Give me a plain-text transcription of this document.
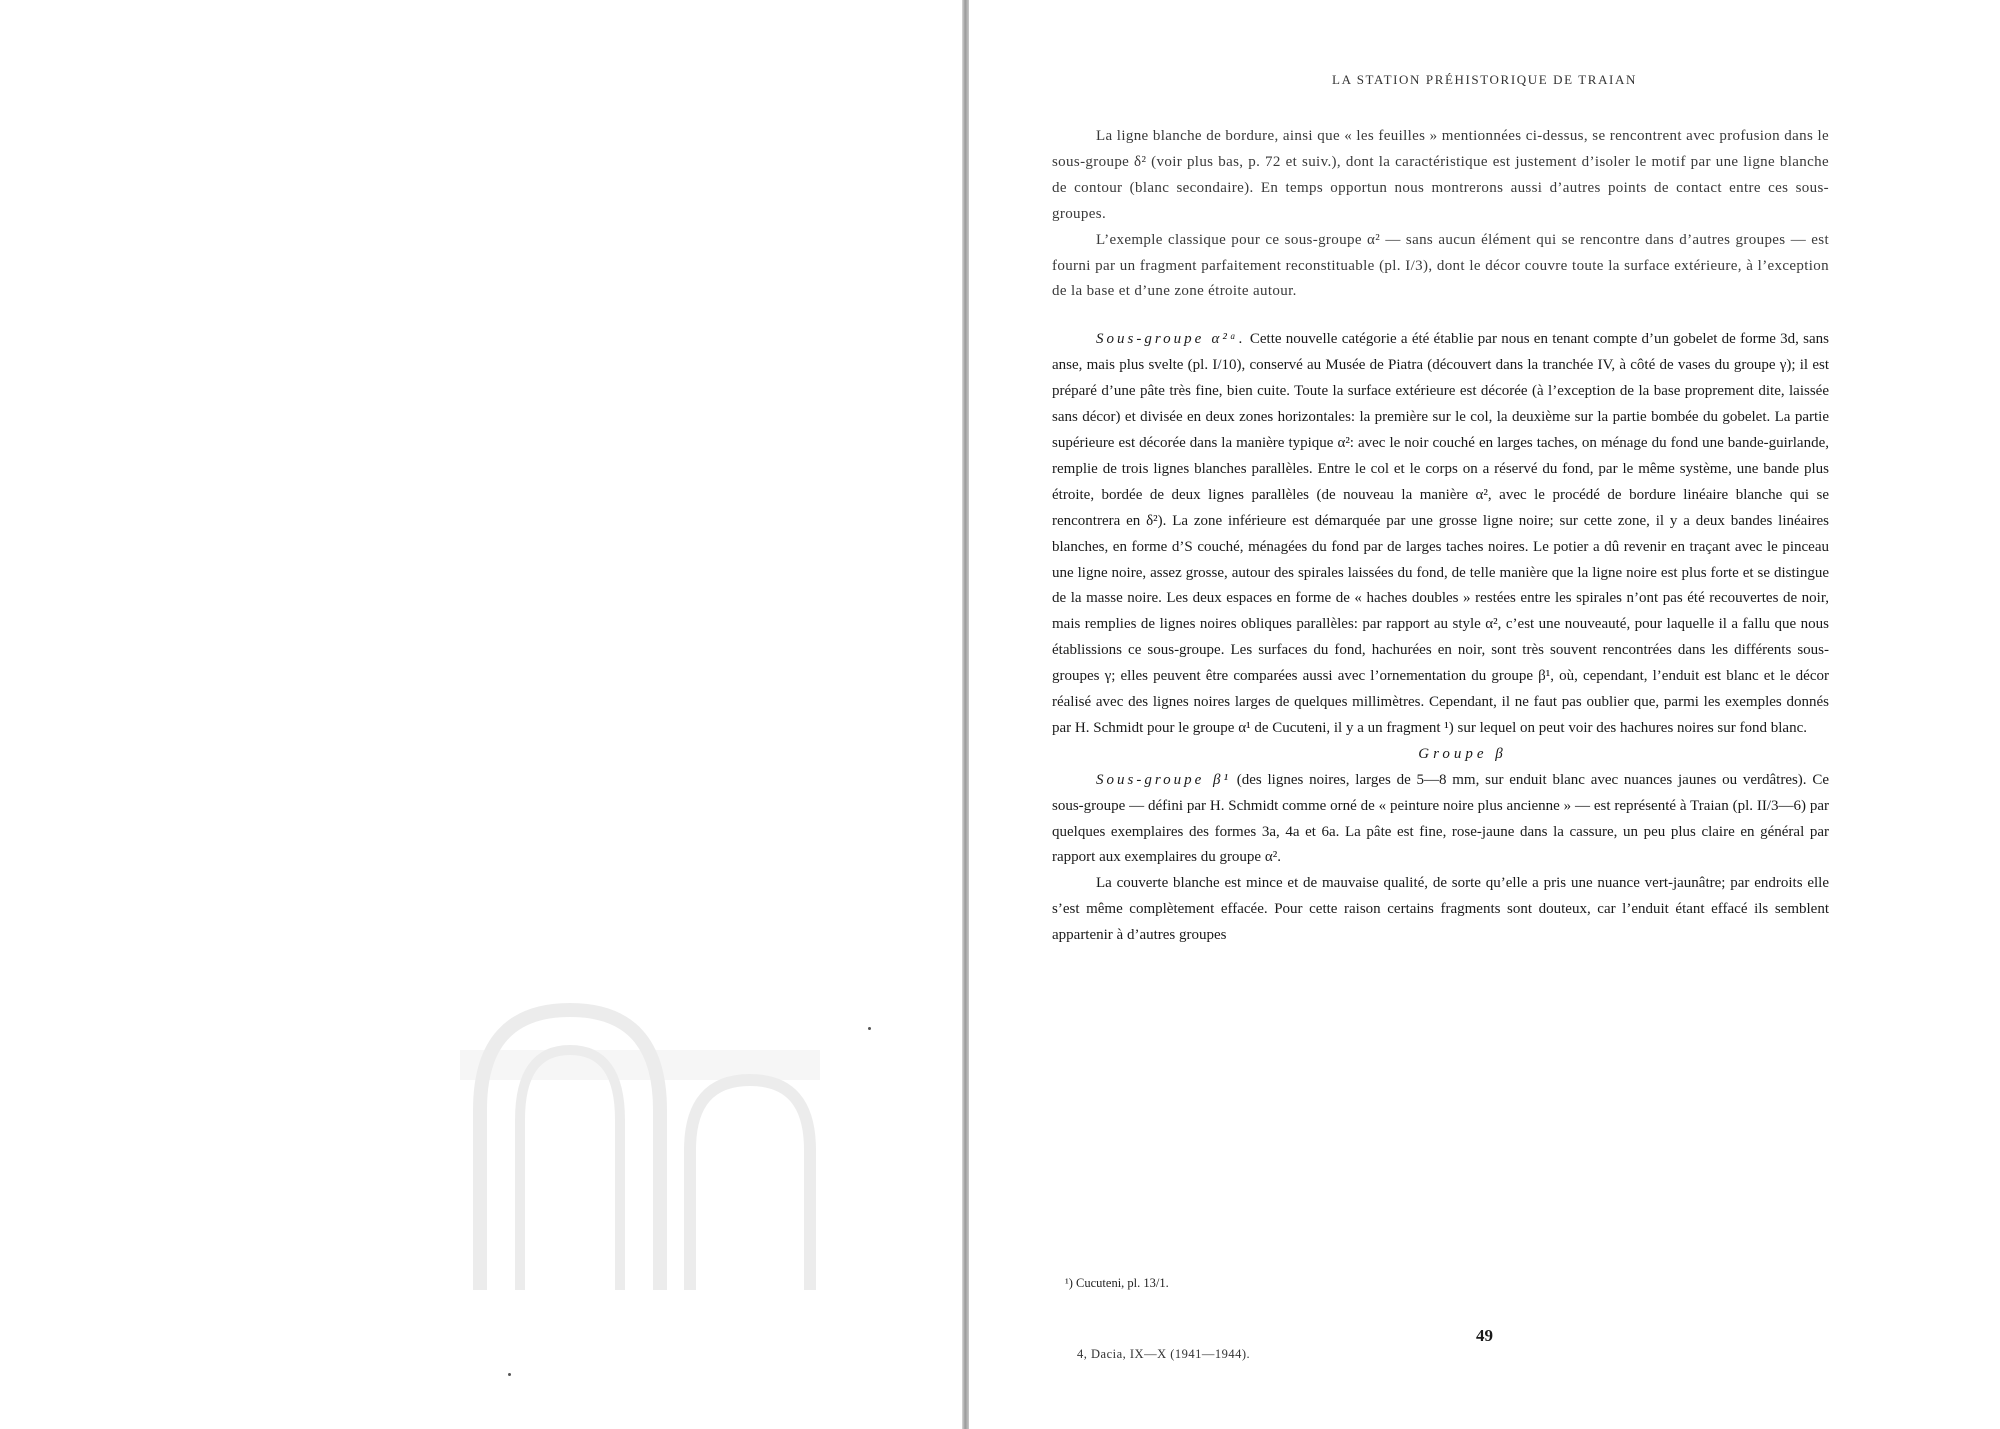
LA STATION PRÉHISTORIQUE DE TRAIAN

La ligne blanche de bordure, ainsi que « les feuilles » mentionnées ci-dessus, se rencontrent avec profusion dans le sous-groupe δ² (voir plus bas, p. 72 et suiv.), dont la caractéristique est justement d’isoler le motif par une ligne blanche de contour (blanc secondaire). En temps opportun nous montrerons aussi d’autres points de contact entre ces sous-groupes.

L’exemple classique pour ce sous-groupe α² — sans aucun élément qui se rencontre dans d’autres groupes — est fourni par un fragment parfaitement reconstituable (pl. I/3), dont le décor couvre toute la surface extérieure, à l’exception de la base et d’une zone étroite autour.

Sous-groupe α²ᵃ. Cette nouvelle catégorie a été établie par nous en tenant compte d’un gobelet de forme 3d, sans anse, mais plus svelte (pl. I/10), conservé au Musée de Piatra (découvert dans la tranchée IV, à côté de vases du groupe γ); il est préparé d’une pâte très fine, bien cuite. Toute la surface extérieure est décorée (à l’exception de la base proprement dite, laissée sans décor) et divisée en deux zones horizontales: la première sur le col, la deuxième sur la partie bombée du gobelet. La partie supérieure est décorée dans la manière typique α²: avec le noir couché en larges taches, on ménage du fond une bande-guirlande, remplie de trois lignes blanches parallèles. Entre le col et le corps on a réservé du fond, par le même système, une bande plus étroite, bordée de deux lignes parallèles (de nouveau la manière α², avec le procédé de bordure linéaire blanche qui se rencontrera en δ²). La zone inférieure est démarquée par une grosse ligne noire; sur cette zone, il y a deux bandes linéaires blanches, en forme d’S couché, ménagées du fond par de larges taches noires. Le potier a dû revenir en traçant avec le pinceau une ligne noire, assez grosse, autour des spirales laissées du fond, de telle manière que la ligne noire est plus forte et se distingue de la masse noire. Les deux espaces en forme de « haches doubles » restées entre les spirales n’ont pas été recouvertes de noir, mais remplies de lignes noires obliques parallèles: par rapport au style α², c’est une nouveauté, pour laquelle il a fallu que nous établissions ce sous-groupe. Les surfaces du fond, hachurées en noir, sont très souvent rencontrées dans les différents sous-groupes γ; elles peuvent être comparées aussi avec l’ornementation du groupe β¹, où, cependant, l’enduit est blanc et le décor réalisé avec des lignes noires larges de quelques millimètres. Cependant, il ne faut pas oublier que, parmi les exemples donnés par H. Schmidt pour le groupe α¹ de Cucuteni, il y a un fragment ¹) sur lequel on peut voir des hachures noires sur fond blanc.

Groupe β

Sous-groupe β¹ (des lignes noires, larges de 5—8 mm, sur enduit blanc avec nuances jaunes ou verdâtres). Ce sous-groupe — défini par H. Schmidt comme orné de « peinture noire plus ancienne » — est représenté à Traian (pl. II/3—6) par quelques exemplaires des formes 3a, 4a et 6a. La pâte est fine, rose-jaune dans la cassure, un peu plus claire en général par rapport aux exemplaires du groupe α².

La couverte blanche est mince et de mauvaise qualité, de sorte qu’elle a pris une nuance vert-jaunâtre; par endroits elle s’est même complètement effacée. Pour cette raison certains fragments sont douteux, car l’enduit étant effacé ils semblent appartenir à d’autres groupes

¹) Cucuteni, pl. 13/1.
49
4, Dacia, IX—X (1941—1944).
